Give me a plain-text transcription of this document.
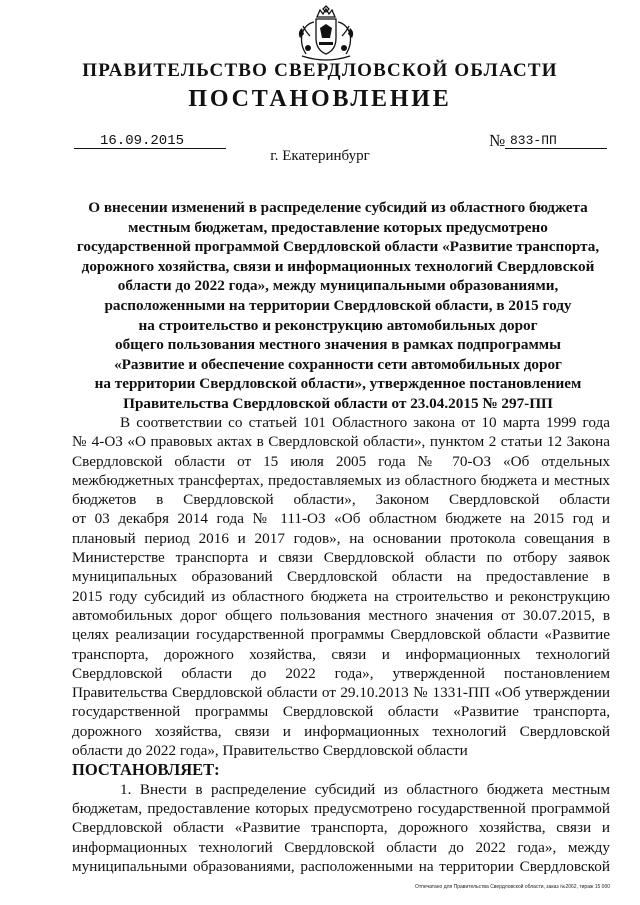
ПРАВИТЕЛЬСТВО СВЕРДЛОВСКОЙ ОБЛАСТИ
ПОСТАНОВЛЕНИЕ
16.09.2015	№ 833-ПП
г. Екатеринбург
О внесении изменений в распределение субсидий из областного бюджета
местным бюджетам, предоставление которых предусмотрено
государственной программой Свердловской области «Развитие транспорта,
дорожного хозяйства, связи и информационных технологий Свердловской
области до 2022 года», между муниципальными образованиями,
расположенными на территории Свердловской области, в 2015 году
на строительство и реконструкцию автомобильных дорог
общего пользования местного значения в рамках подпрограммы
«Развитие и обеспечение сохранности сети автомобильных дорог
на территории Свердловской области», утвержденное постановлением
Правительства Свердловской области от 23.04.2015 № 297-ПП
В соответствии со статьей 101 Областного закона от 10 марта 1999 года
№ 4-ОЗ «О правовых актах в Свердловской области», пунктом 2 статьи 12 Закона
Свердловской области от 15 июля 2005 года № 70-ОЗ «Об отдельных
межбюджетных трансфертах, предоставляемых из областного бюджета и местных
бюджетов в Свердловской области», Законом Свердловской области
от 03 декабря 2014 года № 111-ОЗ «Об областном бюджете на 2015 год и
плановый период 2016 и 2017 годов», на основании протокола совещания в
Министерстве транспорта и связи Свердловской области по отбору заявок
муниципальных образований Свердловской области на предоставление в
2015 году субсидий из областного бюджета на строительство и реконструкцию
автомобильных дорог общего пользования местного значения от 30.07.2015, в
целях реализации государственной программы Свердловской области «Развитие
транспорта, дорожного хозяйства, связи и информационных технологий
Свердловской области до 2022 года», утвержденной постановлением
Правительства Свердловской области от 29.10.2013 № 1331-ПП «Об утверждении
государственной программы Свердловской области «Развитие транспорта,
дорожного хозяйства, связи и информационных технологий Свердловской
области до 2022 года», Правительство Свердловской области
ПОСТАНОВЛЯЕТ:
1. Внести в распределение субсидий из областного бюджета местным
бюджетам, предоставление которых предусмотрено государственной программой
Свердловской области «Развитие транспорта, дорожного хозяйства, связи и
информационных технологий Свердловской области до 2022 года», между
муниципальными образованиями, расположенными на территории Свердловской
Отпечатано для Правительства Свердловской области, заказ №2062, тираж 15 000
